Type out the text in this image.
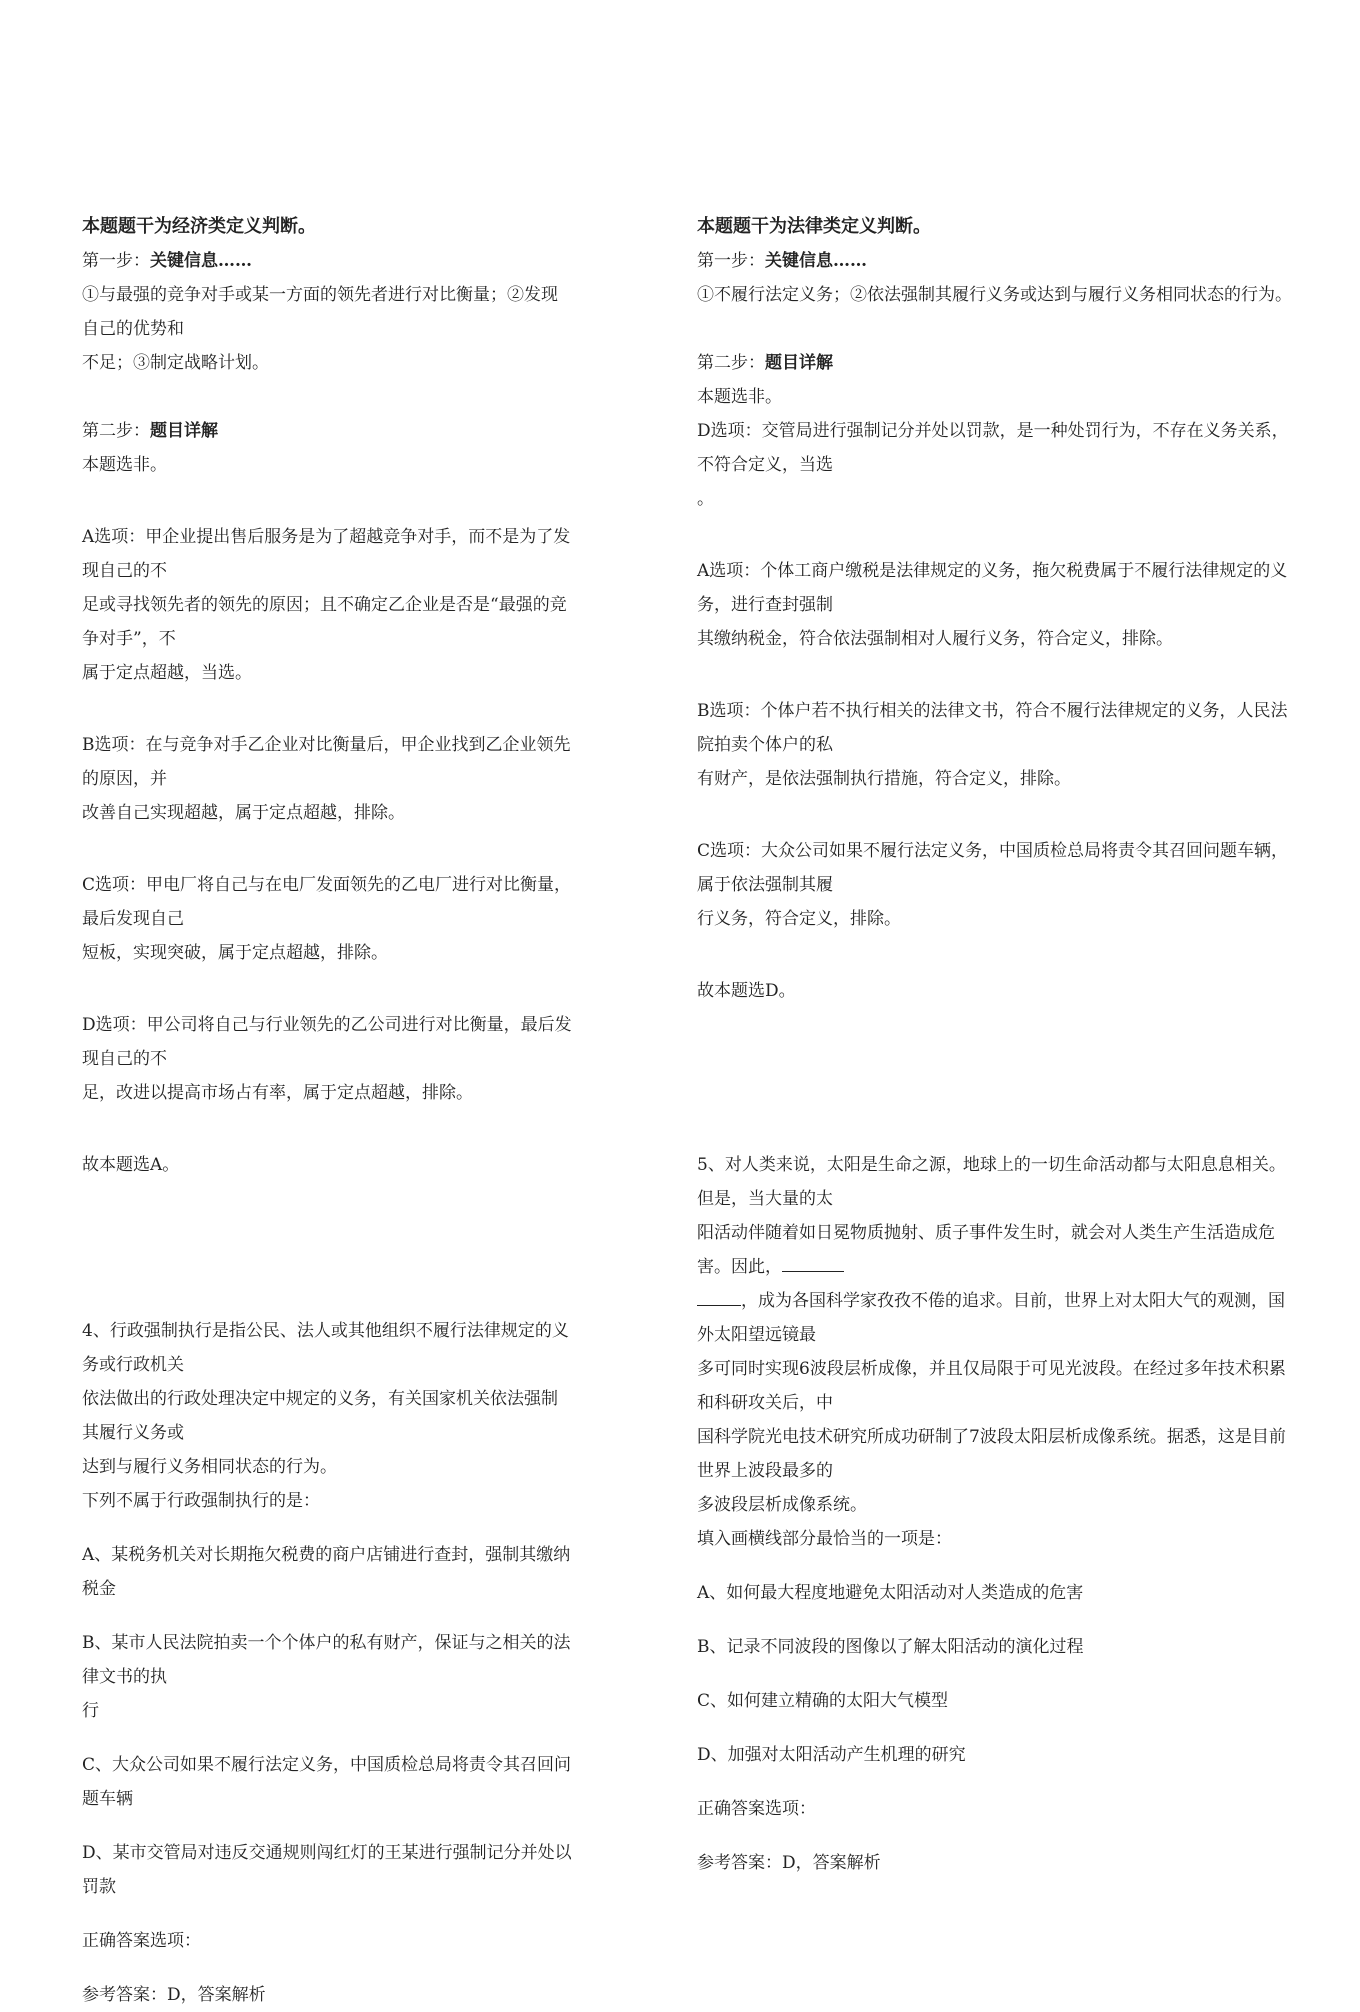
本题题干为经济类定义判断。

第一步：关键信息……

①与最强的竞争对手或某一方面的领先者进行对比衡量；②发现自己的优势和

不足；③制定战略计划。

第二步：题目详解

本题选非。

A选项：甲企业提出售后服务是为了超越竞争对手，而不是为了发现自己的不

足或寻找领先者的领先的原因；且不确定乙企业是否是“最强的竞争对手”，不

属于定点超越，当选。

B选项：在与竞争对手乙企业对比衡量后，甲企业找到乙企业领先的原因，并

改善自己实现超越，属于定点超越，排除。

C选项：甲电厂将自己与在电厂发面领先的乙电厂进行对比衡量，最后发现自己

短板，实现突破，属于定点超越，排除。

D选项：甲公司将自己与行业领先的乙公司进行对比衡量，最后发现自己的不

足，改进以提高市场占有率，属于定点超越，排除。

故本题选A。

4、行政强制执行是指公民、法人或其他组织不履行法律规定的义务或行政机关

依法做出的行政处理决定中规定的义务，有关国家机关依法强制其履行义务或

达到与履行义务相同状态的行为。

下列不属于行政强制执行的是：

A、某税务机关对长期拖欠税费的商户店铺进行查封，强制其缴纳税金

B、某市人民法院拍卖一个个体户的私有财产，保证与之相关的法律文书的执

行

C、大众公司如果不履行法定义务，中国质检总局将责令其召回问题车辆

D、某市交管局对违反交通规则闯红灯的王某进行强制记分并处以罚款

正确答案选项：

参考答案：D，答案解析

本题题干为法律类定义判断。

第一步：关键信息……

①不履行法定义务；②依法强制其履行义务或达到与履行义务相同状态的行为。

第二步：题目详解

本题选非。

D选项：交管局进行强制记分并处以罚款，是一种处罚行为，不存在义务关系，不符合定义，当选

。

A选项：个体工商户缴税是法律规定的义务，拖欠税费属于不履行法律规定的义务，进行查封强制

其缴纳税金，符合依法强制相对人履行义务，符合定义，排除。

B选项：个体户若不执行相关的法律文书，符合不履行法律规定的义务，人民法院拍卖个体户的私

有财产，是依法强制执行措施，符合定义，排除。

C选项：大众公司如果不履行法定义务，中国质检总局将责令其召回问题车辆，属于依法强制其履

行义务，符合定义，排除。

故本题选D。

5、对人类来说，太阳是生命之源，地球上的一切生命活动都与太阳息息相关。但是，当大量的太

阳活动伴随着如日冕物质抛射、质子事件发生时，就会对人类生产生活造成危害。因此，

，成为各国科学家孜孜不倦的追求。目前，世界上对太阳大气的观测，国外太阳望远镜最

多可同时实现6波段层析成像，并且仅局限于可见光波段。在经过多年技术积累和科研攻关后，中

国科学院光电技术研究所成功研制了7波段太阳层析成像系统。据悉，这是目前世界上波段最多的

多波段层析成像系统。

填入画横线部分最恰当的一项是：

A、如何最大程度地避免太阳活动对人类造成的危害

B、记录不同波段的图像以了解太阳活动的演化过程

C、如何建立精确的太阳大气模型

D、加强对太阳活动产生机理的研究

正确答案选项：

参考答案：D，答案解析
